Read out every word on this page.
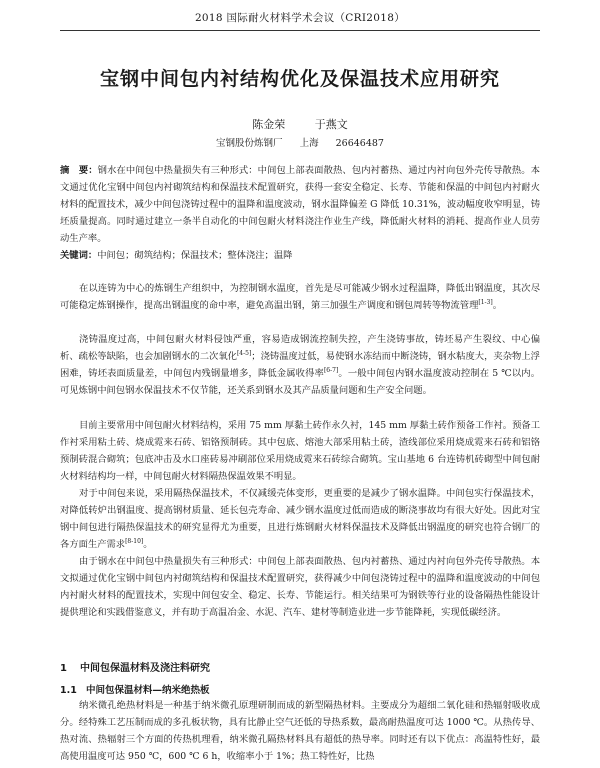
2018 国际耐火材料学术会议（CRI2018）
宝钢中间包内衬结构优化及保温技术应用研究
陈金荣	于燕文
宝钢股份炼钢厂 上海 26646487
摘　要：钢水在中间包中热量损失有三种形式：中间包上部表面散热、包内衬蓄热、通过内衬向包外壳传导散热。本文通过优化宝钢中间包内衬砌筑结构和保温技术配置研究，获得一套安全稳定、长寿、节能和保温的中间包内衬耐火材料的配置技术，减少中间包浇铸过程中的温降和温度波动，钢水温降偏差 G 降低 10.31%，波动幅度收窄明显，铸坯质量提高。同时通过建立一条半自动化的中间包耐火材料浇注作业生产线，降低耐火材料的消耗、提高作业人员劳动生产率。
关键词：中间包；砌筑结构；保温技术；整体浇注；温降
在以连铸为中心的炼钢生产组织中，为控制钢水温度，首先是尽可能减少钢水过程温降，降低出钢温度，其次尽可能稳定炼钢操作，提高出钢温度的命中率，避免高温出钢，第三加强生产调度和钢包周转等物流管理[1-3]。
浇铸温度过高，中间包耐火材料侵蚀严重，容易造成钢流控制失控，产生浇铸事故，铸坯易产生裂纹、中心偏析、疏松等缺陷，也会加剧钢水的二次氧化[4-5]；浇铸温度过低，易使钢水冻结而中断浇铸，钢水粘度大，夹杂物上浮困难，铸坯表面质量差，中间包内残钢量增多，降低金属收得率[6-7]。一般中间包内钢水温度波动控制在 5 ℃以内。可见炼钢中间包钢水保温技术不仅节能，还关系到钢水及其产品质量问题和生产安全问题。
目前主要常用中间包耐火材料结构，采用 75 mm 厚黏土砖作永久衬，145 mm 厚黏土砖作预备工作衬。预备工作衬采用粘土砖、烧成霓来石砖、铝铬预制砖。其中包底、熔池大部采用粘土砖，渣线部位采用烧成霓来石砖和铝铬预制砖混合砌筑；包底冲击及水口座砖易冲刷部位采用烧成霓来石砖综合砌筑。宝山基地 6 台连铸机砖砌型中间包耐火材料结构均一样，中间包耐火材料隔热保温效果不明显。
对于中间包来说，采用隔热保温技术，不仅减缓壳体变形，更重要的是减少了钢水温降。中间包实行保温技术，对降低转炉出钢温度、提高钢材质量、延长包壳寿命、减少钢水温度过低而造成的断浇事故均有很大好处。因此对宝钢中间包进行隔热保温技术的研究显得尤为重要，且进行炼钢耐火材料保温技术及降低出钢温度的研究也符合钢厂的各方面生产需求[8-10]。
由于钢水在中间包中热量损失有三种形式：中间包上部表面散热、包内衬蓄热、通过内衬向包外壳传导散热。本文拟通过优化宝钢中间包内衬砌筑结构和保温技术配置研究，获得减少中间包浇铸过程中的温降和温度波动的中间包内衬耐火材料的配置技术，实现中间包安全、稳定、长寿、节能运行。相关结果可为钢铁等行业的设备隔热性能设计提供理论和实践借鉴意义，并有助于高温冶金、水泥、汽车、建材等制造业进一步节能降耗，实现低碳经济。
1 中间包保温材料及浇注料研究
1.1 中间包保温材料—纳米绝热板
纳米微孔绝热材料是一种基于纳米微孔原理研制而成的新型隔热材料。主要成分为超细二氧化硅和热辐射吸收成分。经特殊工艺压制而成的多孔板状物，具有比静止空气还低的导热系数，最高耐热温度可达 1000 ℃。从热传导、热对流、热辐射三个方面的传热机理看，纳米微孔隔热材料具有超低的热导率。同时还有以下优点：高温特性好，最高使用温度可达 950 ℃，600 ℃ 6 h，收缩率小于 1%；热工特性好，比热
